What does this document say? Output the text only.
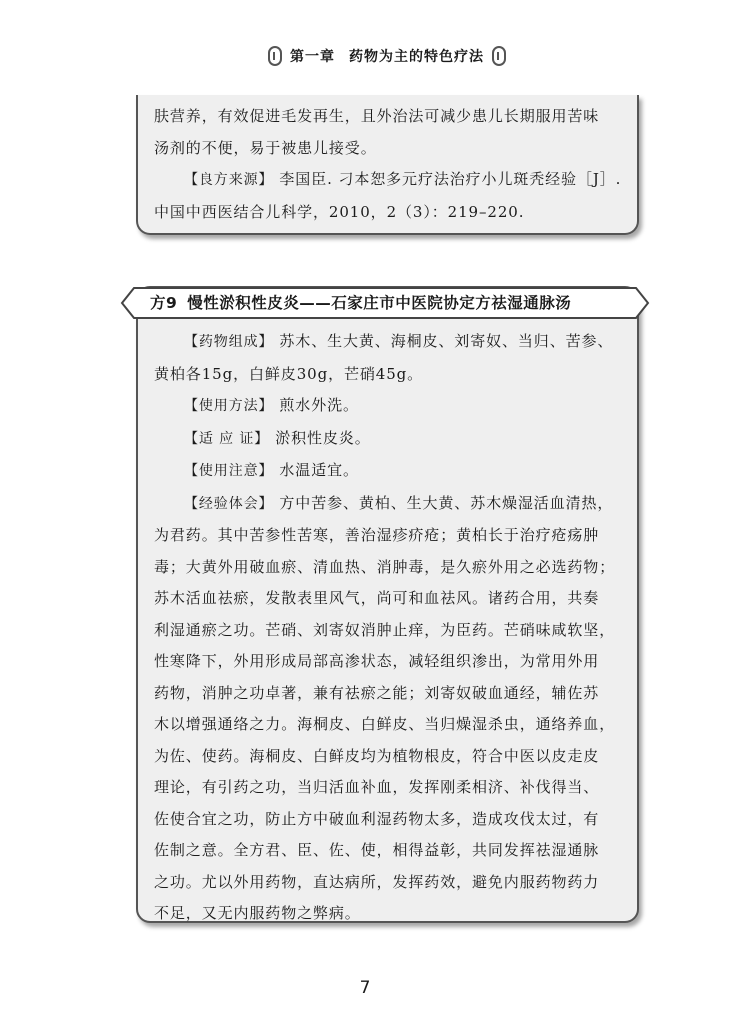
第一章 药物为主的特色疗法

肤营养，有效促进毛发再生，且外治法可减少患儿长期服用苦味

汤剂的不便，易于被患儿接受。

【良方来源】 李国臣. 刁本恕多元疗法治疗小儿斑秃经验［J］.

中国中西医结合儿科学，2010，2（3）：219–220.

【药物组成】 苏木、生大黄、海桐皮、刘寄奴、当归、苦参、

黄柏各15g，白鲜皮30g，芒硝45g。

【使用方法】 煎水外洗。

【适 应 证】 淤积性皮炎。

【使用注意】 水温适宜。

【经验体会】 方中苦参、黄柏、生大黄、苏木燥湿活血清热，

为君药。其中苦参性苦寒，善治湿疹疥疮；黄柏长于治疗疮疡肿

毒；大黄外用破血瘀、清血热、消肿毒，是久瘀外用之必选药物；

苏木活血祛瘀，发散表里风气，尚可和血祛风。诸药合用，共奏

利湿通瘀之功。芒硝、刘寄奴消肿止痒，为臣药。芒硝味咸软坚，

性寒降下，外用形成局部高渗状态，减轻组织渗出，为常用外用

药物，消肿之功卓著，兼有祛瘀之能；刘寄奴破血通经，辅佐苏

木以增强通络之力。海桐皮、白鲜皮、当归燥湿杀虫，通络养血，

为佐、使药。海桐皮、白鲜皮均为植物根皮，符合中医以皮走皮

理论，有引药之功，当归活血补血，发挥刚柔相济、补伐得当、

佐使合宜之功，防止方中破血利湿药物太多，造成攻伐太过，有

佐制之意。全方君、臣、佐、使，相得益彰，共同发挥祛湿通脉

之功。尤以外用药物，直达病所，发挥药效，避免内服药物药力

不足，又无内服药物之弊病。

方9 慢性淤积性皮炎——石家庄市中医院协定方祛湿通脉汤
7
